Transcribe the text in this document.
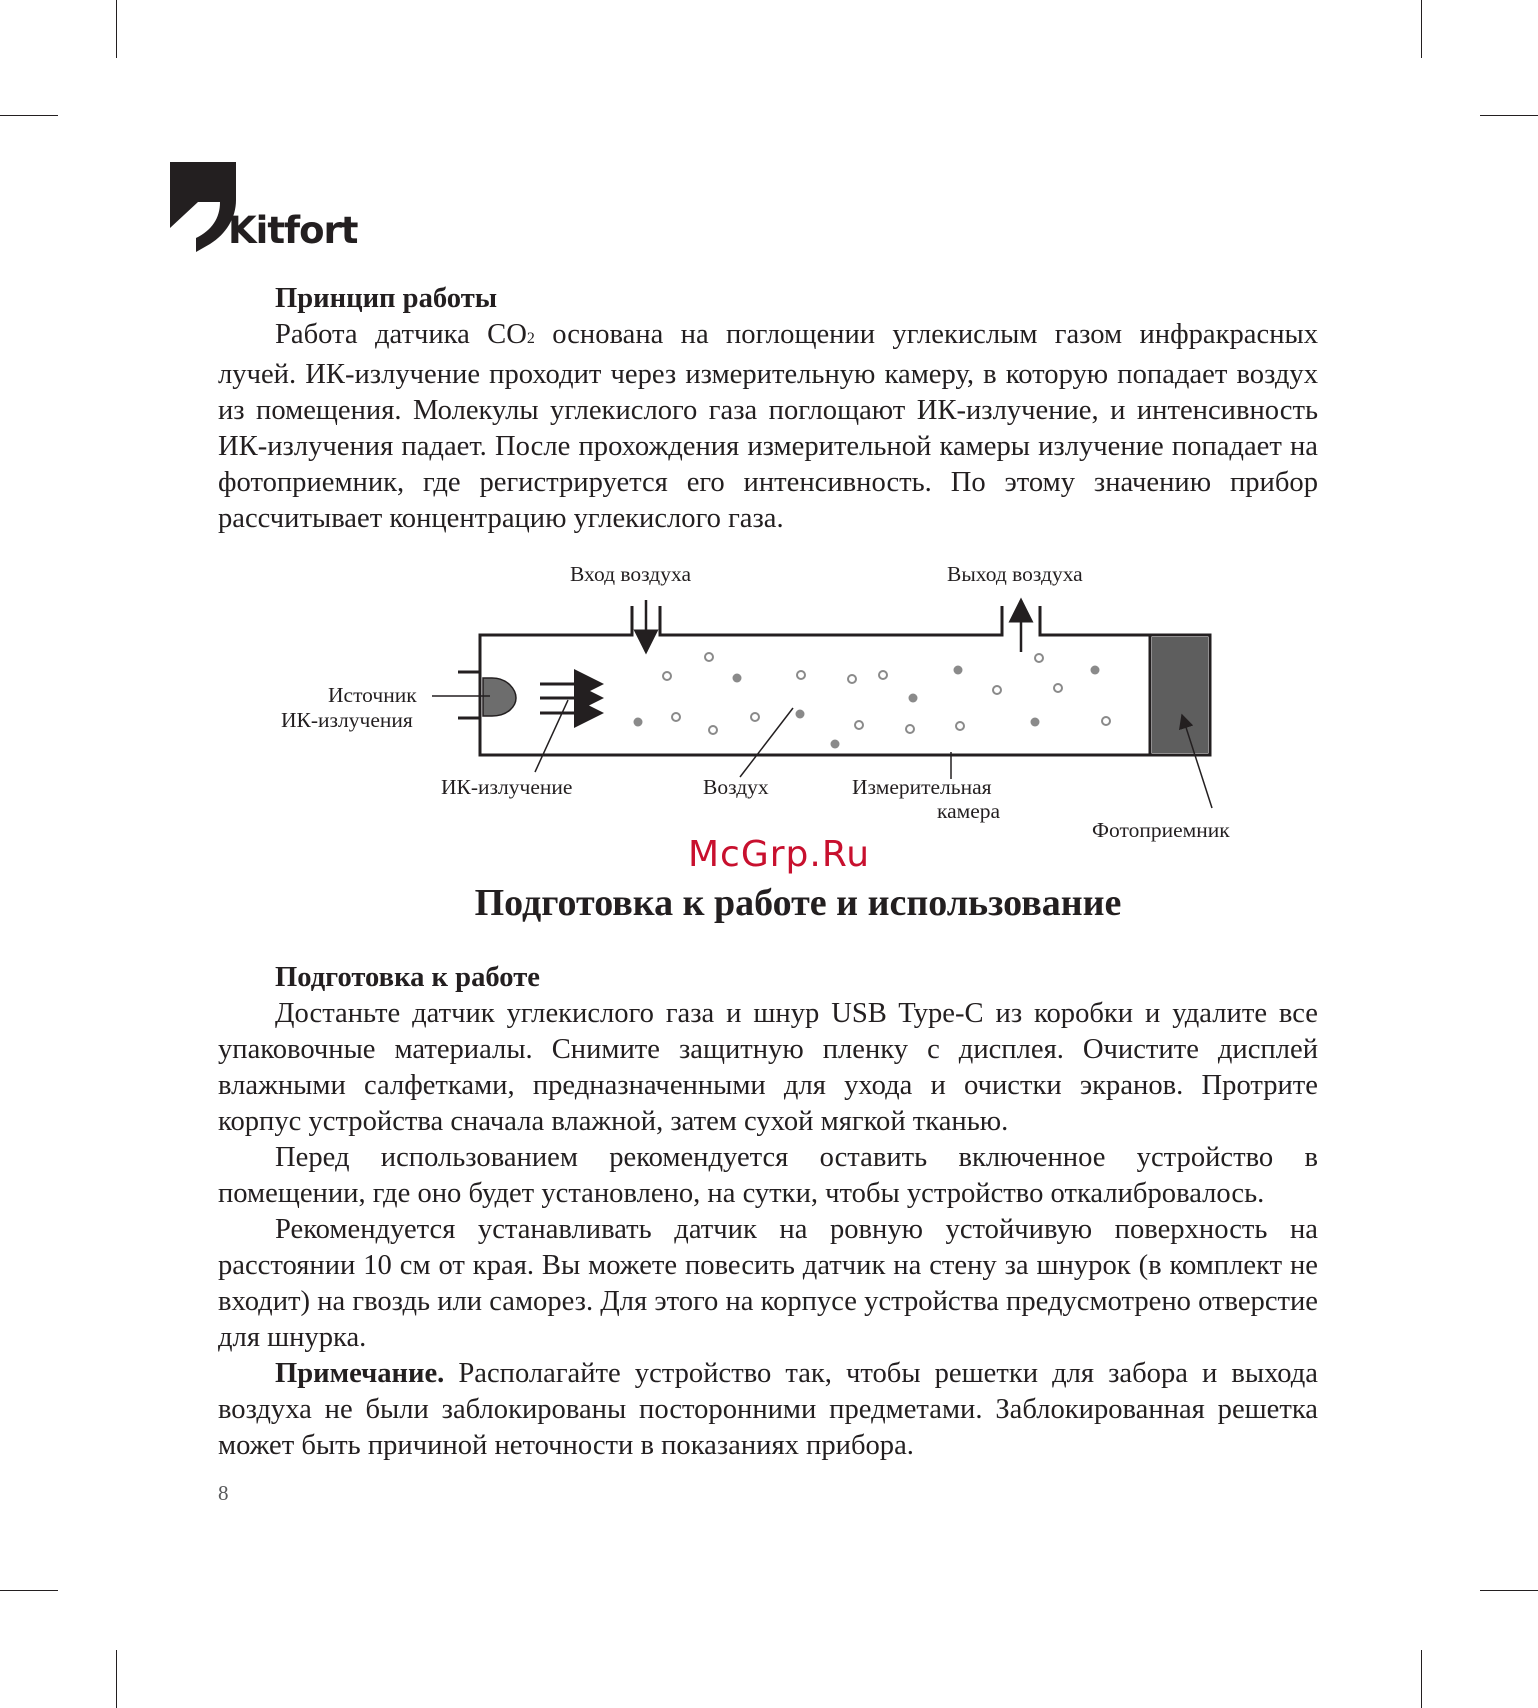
Kitfort
Принцип работы

Работа датчика CO2 основана на поглощении углекислым газом инфракрасных лучей. ИК-излучение проходит через измерительную камеру, в которую попадает воздух из помещения. Молекулы углекислого газа поглощают ИК-излучение, и интенсивность ИК-излучения падает. После прохождения измерительной камеры излучение попадает на фотоприемник, где регистрируется его интенсивность. По этому значению прибор рассчитывает концентрацию углекислого газа.

Вход воздуха	Выход воздуха
Источник
ИК-излучения
ИК-излучение	Воздух	Измерительная
камера
Фотоприемник
McGrp.Ru
Подготовка к работе и использование
Подготовка к работе

Достаньте датчик углекислого газа и шнур USB Type-C из коробки и удалите все упаковочные материалы. Снимите защитную пленку с дисплея. Очистите дисплей влажными салфетками, предназначенными для ухода и очистки экранов. Протрите корпус устройства сначала влажной, затем сухой мягкой тканью.

Перед использованием рекомендуется оставить включенное устройство в помещении, где оно будет установлено, на сутки, чтобы устройство откалибровалось.

Рекомендуется устанавливать датчик на ровную устойчивую поверхность на расстоянии 10 см от края. Вы можете повесить датчик на стену за шнурок (в комплект не входит) на гвоздь или саморез. Для этого на корпусе устройства предусмотрено отверстие для шнурка.

Примечание. Располагайте устройство так, чтобы решетки для забора и выхода воздуха не были заблокированы посторонними предметами. Заблокированная решетка может быть причиной неточности в показаниях прибора.

8
